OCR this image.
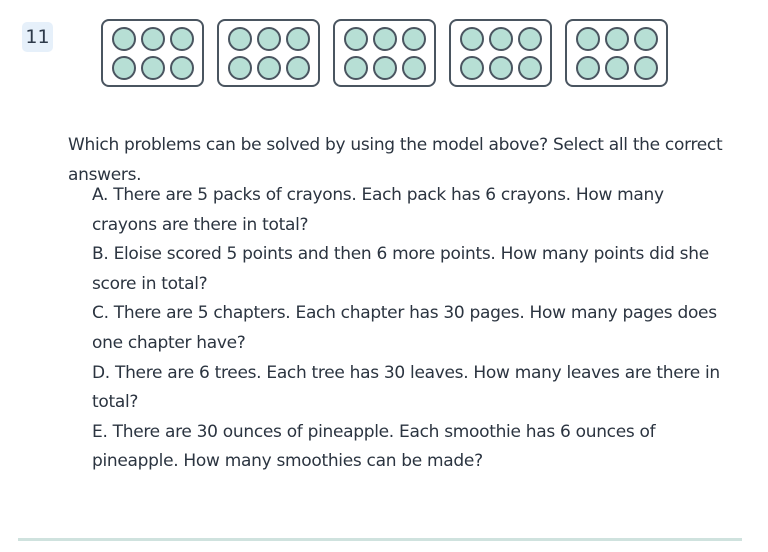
11

Which problems can be solved by using the model above? Select all the correct answers.

A. There are 5 packs of crayons. Each pack has 6 crayons. How many crayons are there in total?

B. Eloise scored 5 points and then 6 more points. How many points did she score in total?

C. There are 5 chapters. Each chapter has 30 pages. How many pages does one chapter have?

D. There are 6 trees. Each tree has 30 leaves. How many leaves are there in total?

E. There are 30 ounces of pineapple. Each smoothie has 6 ounces of pineapple. How many smoothies can be made?
